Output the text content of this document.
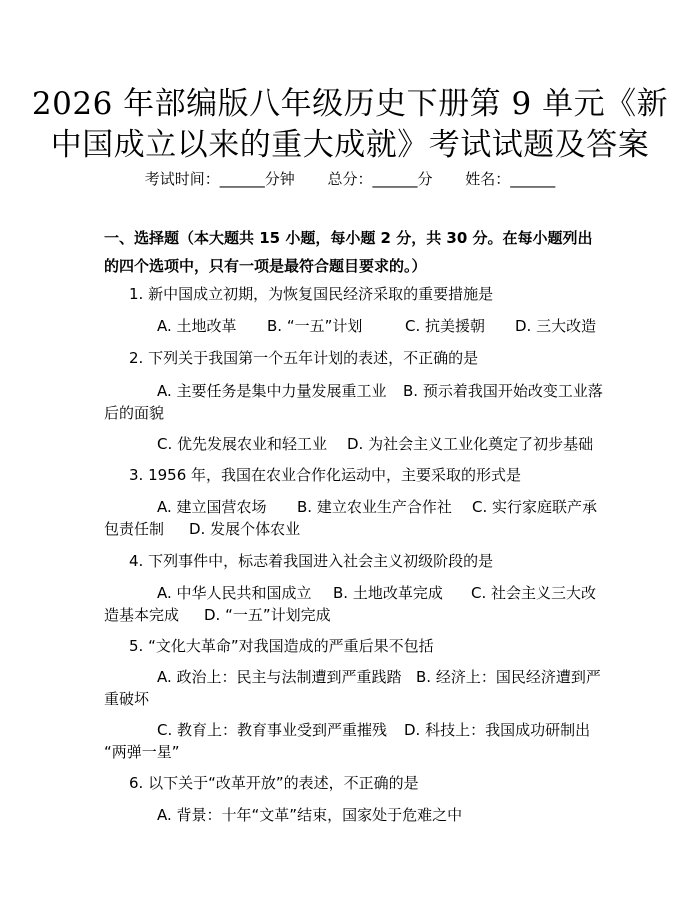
2026 年部编版八年级历史下册第 9 单元《新
中国成立以来的重大成就》考试试题及答案
考试时间：______分钟 总分：______分 姓名：______
一、选择题（本大题共 15 小题，每小题 2 分，共 30 分。在每小题列出的四个选项中，只有一项是最符合题目要求的。）
1. 新中国成立初期，为恢复国民经济采取的重要措施是
A. 土地改革 B. “一五”计划	C. 抗美援朝 D. 三大改造
2. 下列关于我国第一个五年计划的表述，不正确的是
A. 主要任务是集中力量发展重工业 B. 预示着我国开始改变工业落
后的面貌
C. 优先发展农业和轻工业 D. 为社会主义工业化奠定了初步基础
3. 1956 年，我国在农业合作化运动中，主要采取的形式是
A. 建立国营农场 B. 建立农业生产合作社 C. 实行家庭联产承
包责任制 D. 发展个体农业
4. 下列事件中，标志着我国进入社会主义初级阶段的是
A. 中华人民共和国成立 B. 土地改革完成 C. 社会主义三大改
造基本完成 D. “一五”计划完成
5. “文化大革命”对我国造成的严重后果不包括
A. 政治上：民主与法制遭到严重践踏 B. 经济上：国民经济遭到严
重破坏
C. 教育上：教育事业受到严重摧残 D. 科技上：我国成功研制出
“两弹一星”
6. 以下关于“改革开放”的表述，不正确的是
A. 背景：十年“文革”结束，国家处于危难之中
